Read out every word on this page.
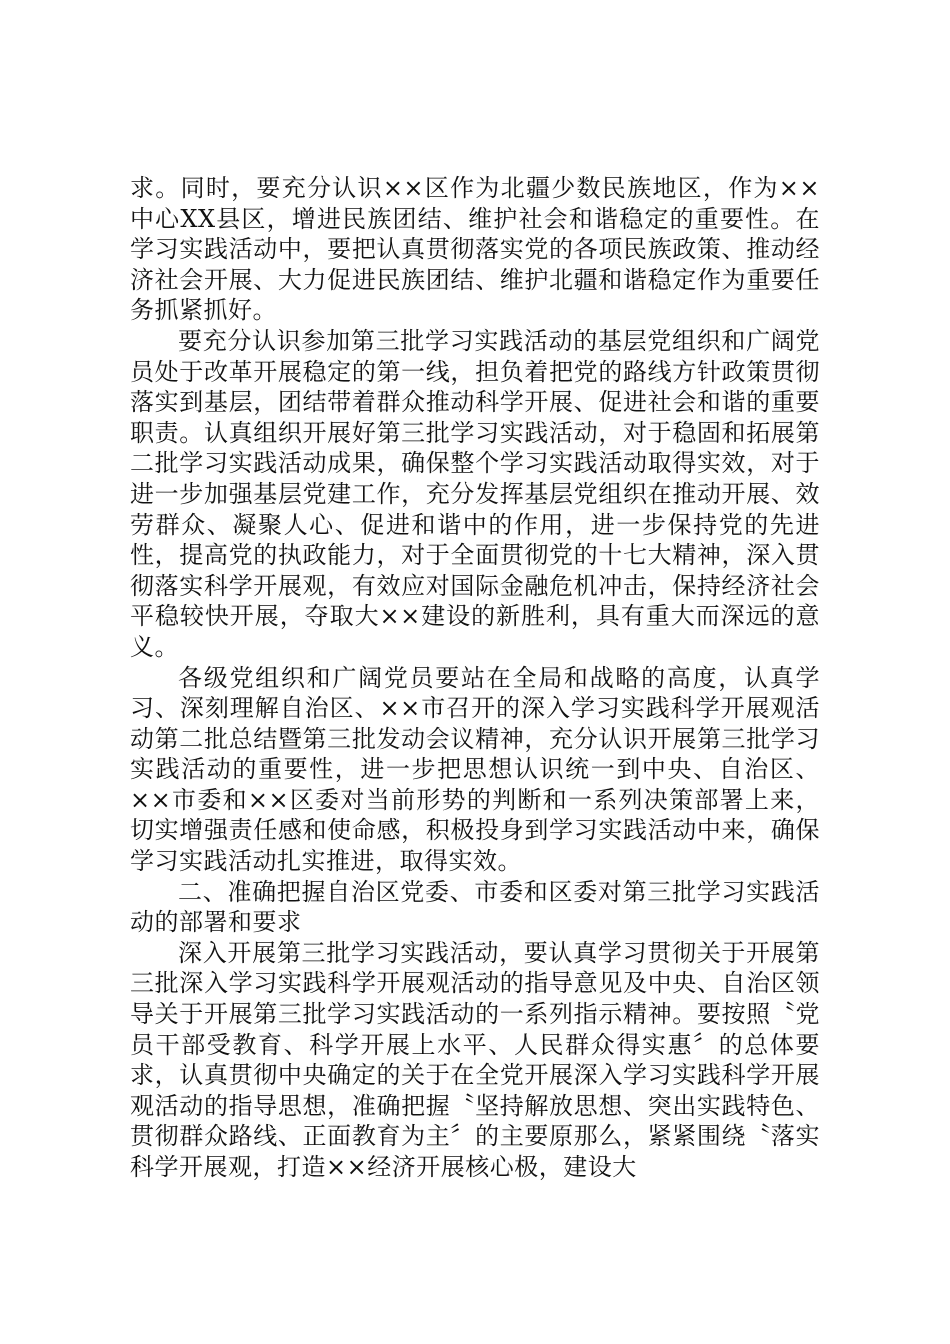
求。同时，要充分认识××区作为北疆少数民族地区，作为××中心XX县区，增进民族团结、维护社会和谐稳定的重要性。在学习实践活动中，要把认真贯彻落实党的各项民族政策、推动经济社会开展、大力促进民族团结、维护北疆和谐稳定作为重要任务抓紧抓好。

要充分认识参加第三批学习实践活动的基层党组织和广阔党员处于改革开展稳定的第一线，担负着把党的路线方针政策贯彻落实到基层，团结带着群众推动科学开展、促进社会和谐的重要职责。认真组织开展好第三批学习实践活动，对于稳固和拓展第二批学习实践活动成果，确保整个学习实践活动取得实效，对于进一步加强基层党建工作，充分发挥基层党组织在推动开展、效劳群众、凝聚人心、促进和谐中的作用，进一步保持党的先进性，提高党的执政能力，对于全面贯彻党的十七大精神，深入贯彻落实科学开展观，有效应对国际金融危机冲击，保持经济社会平稳较快开展，夺取大××建设的新胜利，具有重大而深远的意义。

各级党组织和广阔党员要站在全局和战略的高度，认真学习、深刻理解自治区、××市召开的深入学习实践科学开展观活动第二批总结暨第三批发动会议精神，充分认识开展第三批学习实践活动的重要性，进一步把思想认识统一到中央、自治区、××市委和××区委对当前形势的判断和一系列决策部署上来，切实增强责任感和使命感，积极投身到学习实践活动中来，确保学习实践活动扎实推进，取得实效。

二、准确把握自治区党委、市委和区委对第三批学习实践活动的部署和要求

深入开展第三批学习实践活动，要认真学习贯彻关于开展第三批深入学习实践科学开展观活动的指导意见及中央、自治区领导关于开展第三批学习实践活动的一系列指示精神。要按照〝党员干部受教育、科学开展上水平、人民群众得实惠〞的总体要求，认真贯彻中央确定的关于在全党开展深入学习实践科学开展观活动的指导思想，准确把握〝坚持解放思想、突出实践特色、贯彻群众路线、正面教育为主〞的主要原那么，紧紧围绕〝落实科学开展观，打造××经济开展核心极，建设大
